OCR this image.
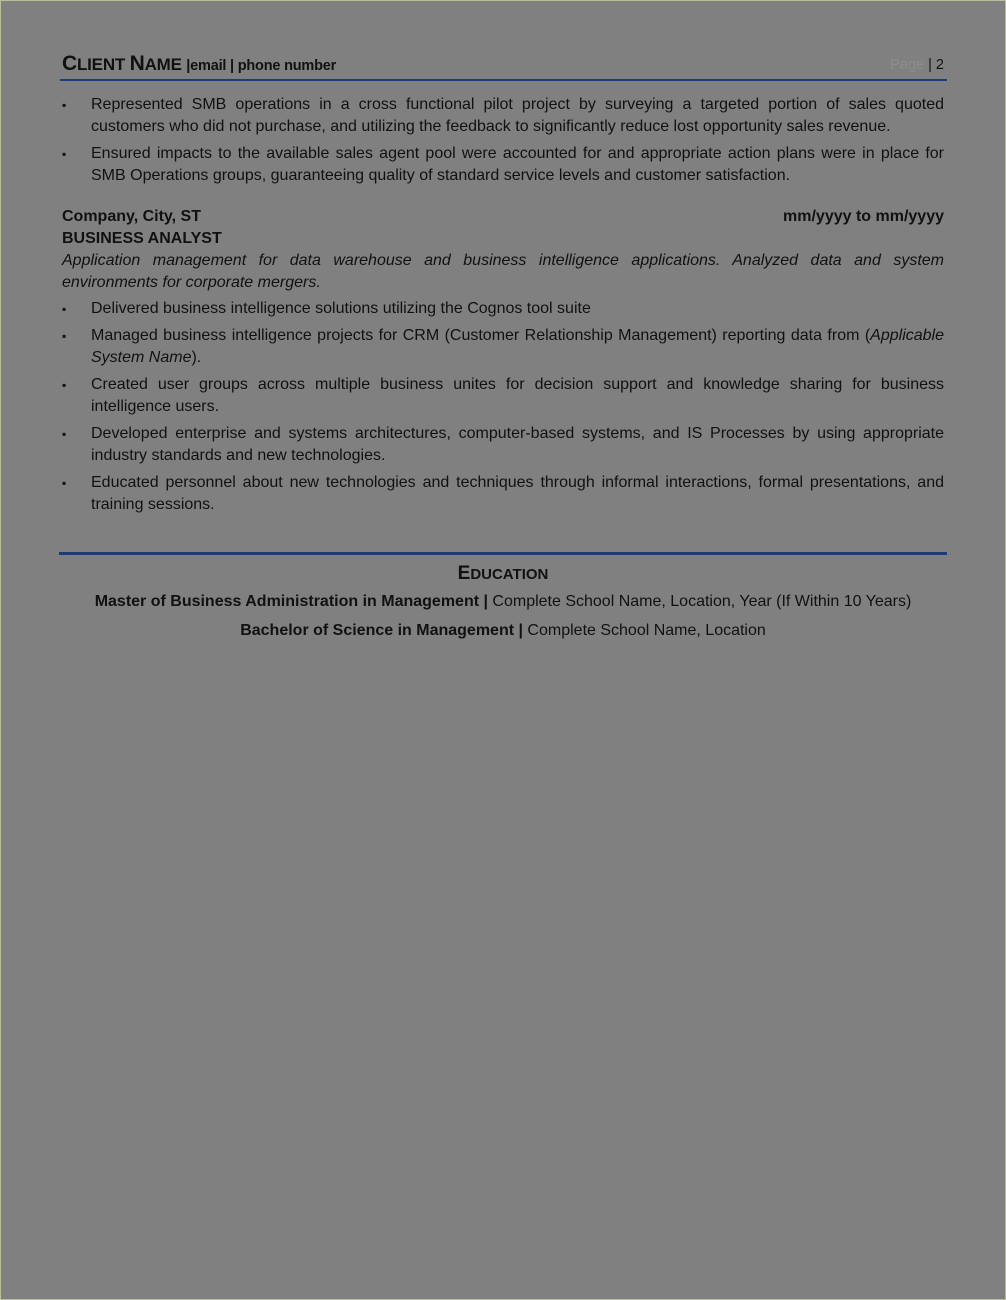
CLIENT NAME |email | phone number	Page | 2
▪ Represented SMB operations in a cross functional pilot project by surveying a targeted portion of sales quoted customers who did not purchase, and utilizing the feedback to significantly reduce lost opportunity sales revenue.
▪ Ensured impacts to the available sales agent pool were accounted for and appropriate action plans were in place for SMB Operations groups, guaranteeing quality of standard service levels and customer satisfaction.
Company, City, ST	mm/yyyy to mm/yyyy
BUSINESS ANALYST
Application management for data warehouse and business intelligence applications. Analyzed data and system environments for corporate mergers.
▪ Delivered business intelligence solutions utilizing the Cognos tool suite
▪ Managed business intelligence projects for CRM (Customer Relationship Management) reporting data from (Applicable System Name).
▪ Created user groups across multiple business unites for decision support and knowledge sharing for business intelligence users.
▪ Developed enterprise and systems architectures, computer-based systems, and IS Processes by using appropriate industry standards and new technologies.
▪ Educated personnel about new technologies and techniques through informal interactions, formal presentations, and training sessions.
EDUCATION
Master of Business Administration in Management | Complete School Name, Location, Year (If Within 10 Years)
Bachelor of Science in Management | Complete School Name, Location
